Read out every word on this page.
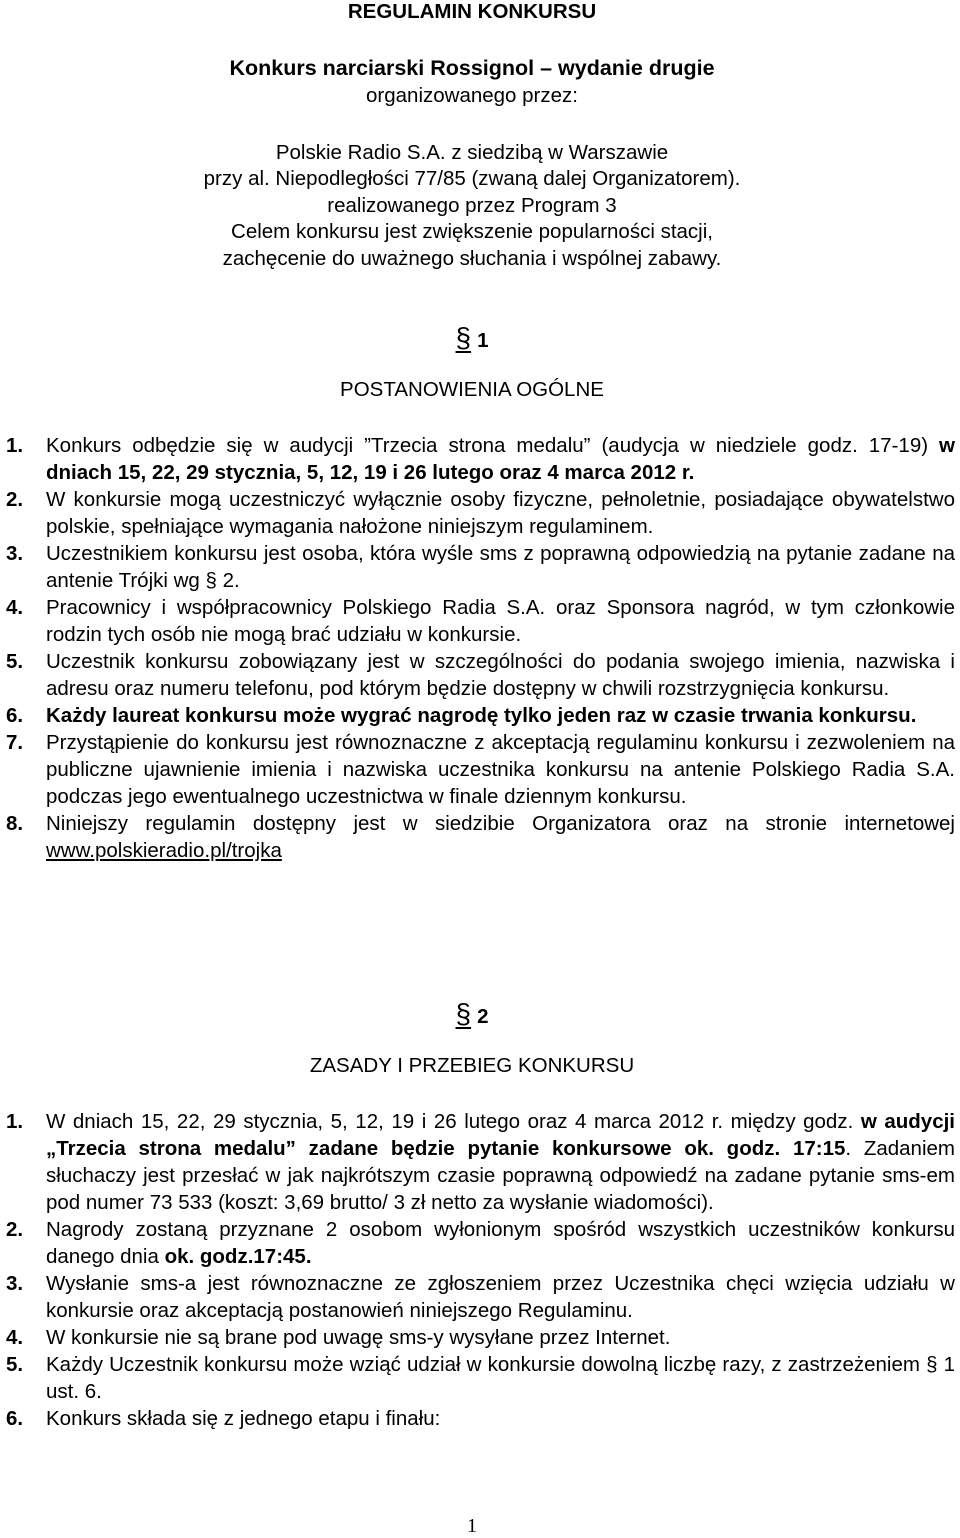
REGULAMIN KONKURSU
Konkurs narciarski Rossignol – wydanie drugie
organizowanego przez:
Polskie Radio S.A. z siedzibą w Warszawie
przy al. Niepodległości 77/85 (zwaną dalej Organizatorem).
realizowanego przez Program 3
Celem konkursu jest zwiększenie popularności stacji,
zachęcenie do uważnego słuchania i wspólnej zabawy.
§ 1
POSTANOWIENIA OGÓLNE
1. Konkurs odbędzie się w audycji ”Trzecia strona medalu” (audycja w niedziele godz. 17-19) w dniach 15, 22, 29 stycznia, 5, 12, 19 i 26 lutego oraz 4 marca 2012 r.
2. W konkursie mogą uczestniczyć wyłącznie osoby fizyczne, pełnoletnie, posiadające obywatelstwo polskie, spełniające wymagania nałożone niniejszym regulaminem.
3. Uczestnikiem konkursu jest osoba, która wyśle sms z poprawną odpowiedzią na pytanie zadane na antenie Trójki wg § 2.
4. Pracownicy i współpracownicy Polskiego Radia S.A. oraz Sponsora nagród, w tym członkowie rodzin tych osób nie mogą brać udziału w konkursie.
5. Uczestnik konkursu zobowiązany jest w szczególności do podania swojego imienia, nazwiska i adresu oraz numeru telefonu, pod którym będzie dostępny w chwili rozstrzygnięcia konkursu.
6. Każdy laureat konkursu może wygrać nagrodę tylko jeden raz w czasie trwania konkursu.
7. Przystąpienie do konkursu jest równoznaczne z akceptacją regulaminu konkursu i zezwoleniem na publiczne ujawnienie imienia i nazwiska uczestnika konkursu na antenie Polskiego Radia S.A. podczas jego ewentualnego uczestnictwa w finale dziennym konkursu.
8. Niniejszy regulamin dostępny jest w siedzibie Organizatora oraz na stronie internetowej www.polskieradio.pl/trojka
§ 2
ZASADY I PRZEBIEG KONKURSU
1. W dniach 15, 22, 29 stycznia, 5, 12, 19 i 26 lutego oraz 4 marca 2012 r. między godz. w audycji „Trzecia strona medalu” zadane będzie pytanie konkursowe ok. godz. 17:15. Zadaniem słuchaczy jest przesłać w jak najkrótszym czasie poprawną odpowiedź na zadane pytanie sms-em pod numer 73 533 (koszt: 3,69 brutto/ 3 zł netto za wysłanie wiadomości).
2. Nagrody zostaną przyznane 2 osobom wyłonionym spośród wszystkich uczestników konkursu danego dnia ok. godz.17:45.
3. Wysłanie sms-a jest równoznaczne ze zgłoszeniem przez Uczestnika chęci wzięcia udziału w konkursie oraz akceptacją postanowień niniejszego Regulaminu.
4. W konkursie nie są brane pod uwagę sms-y wysyłane przez Internet.
5. Każdy Uczestnik konkursu może wziąć udział w konkursie dowolną liczbę razy, z zastrzeżeniem § 1 ust. 6.
6. Konkurs składa się z jednego etapu i finału:
1
